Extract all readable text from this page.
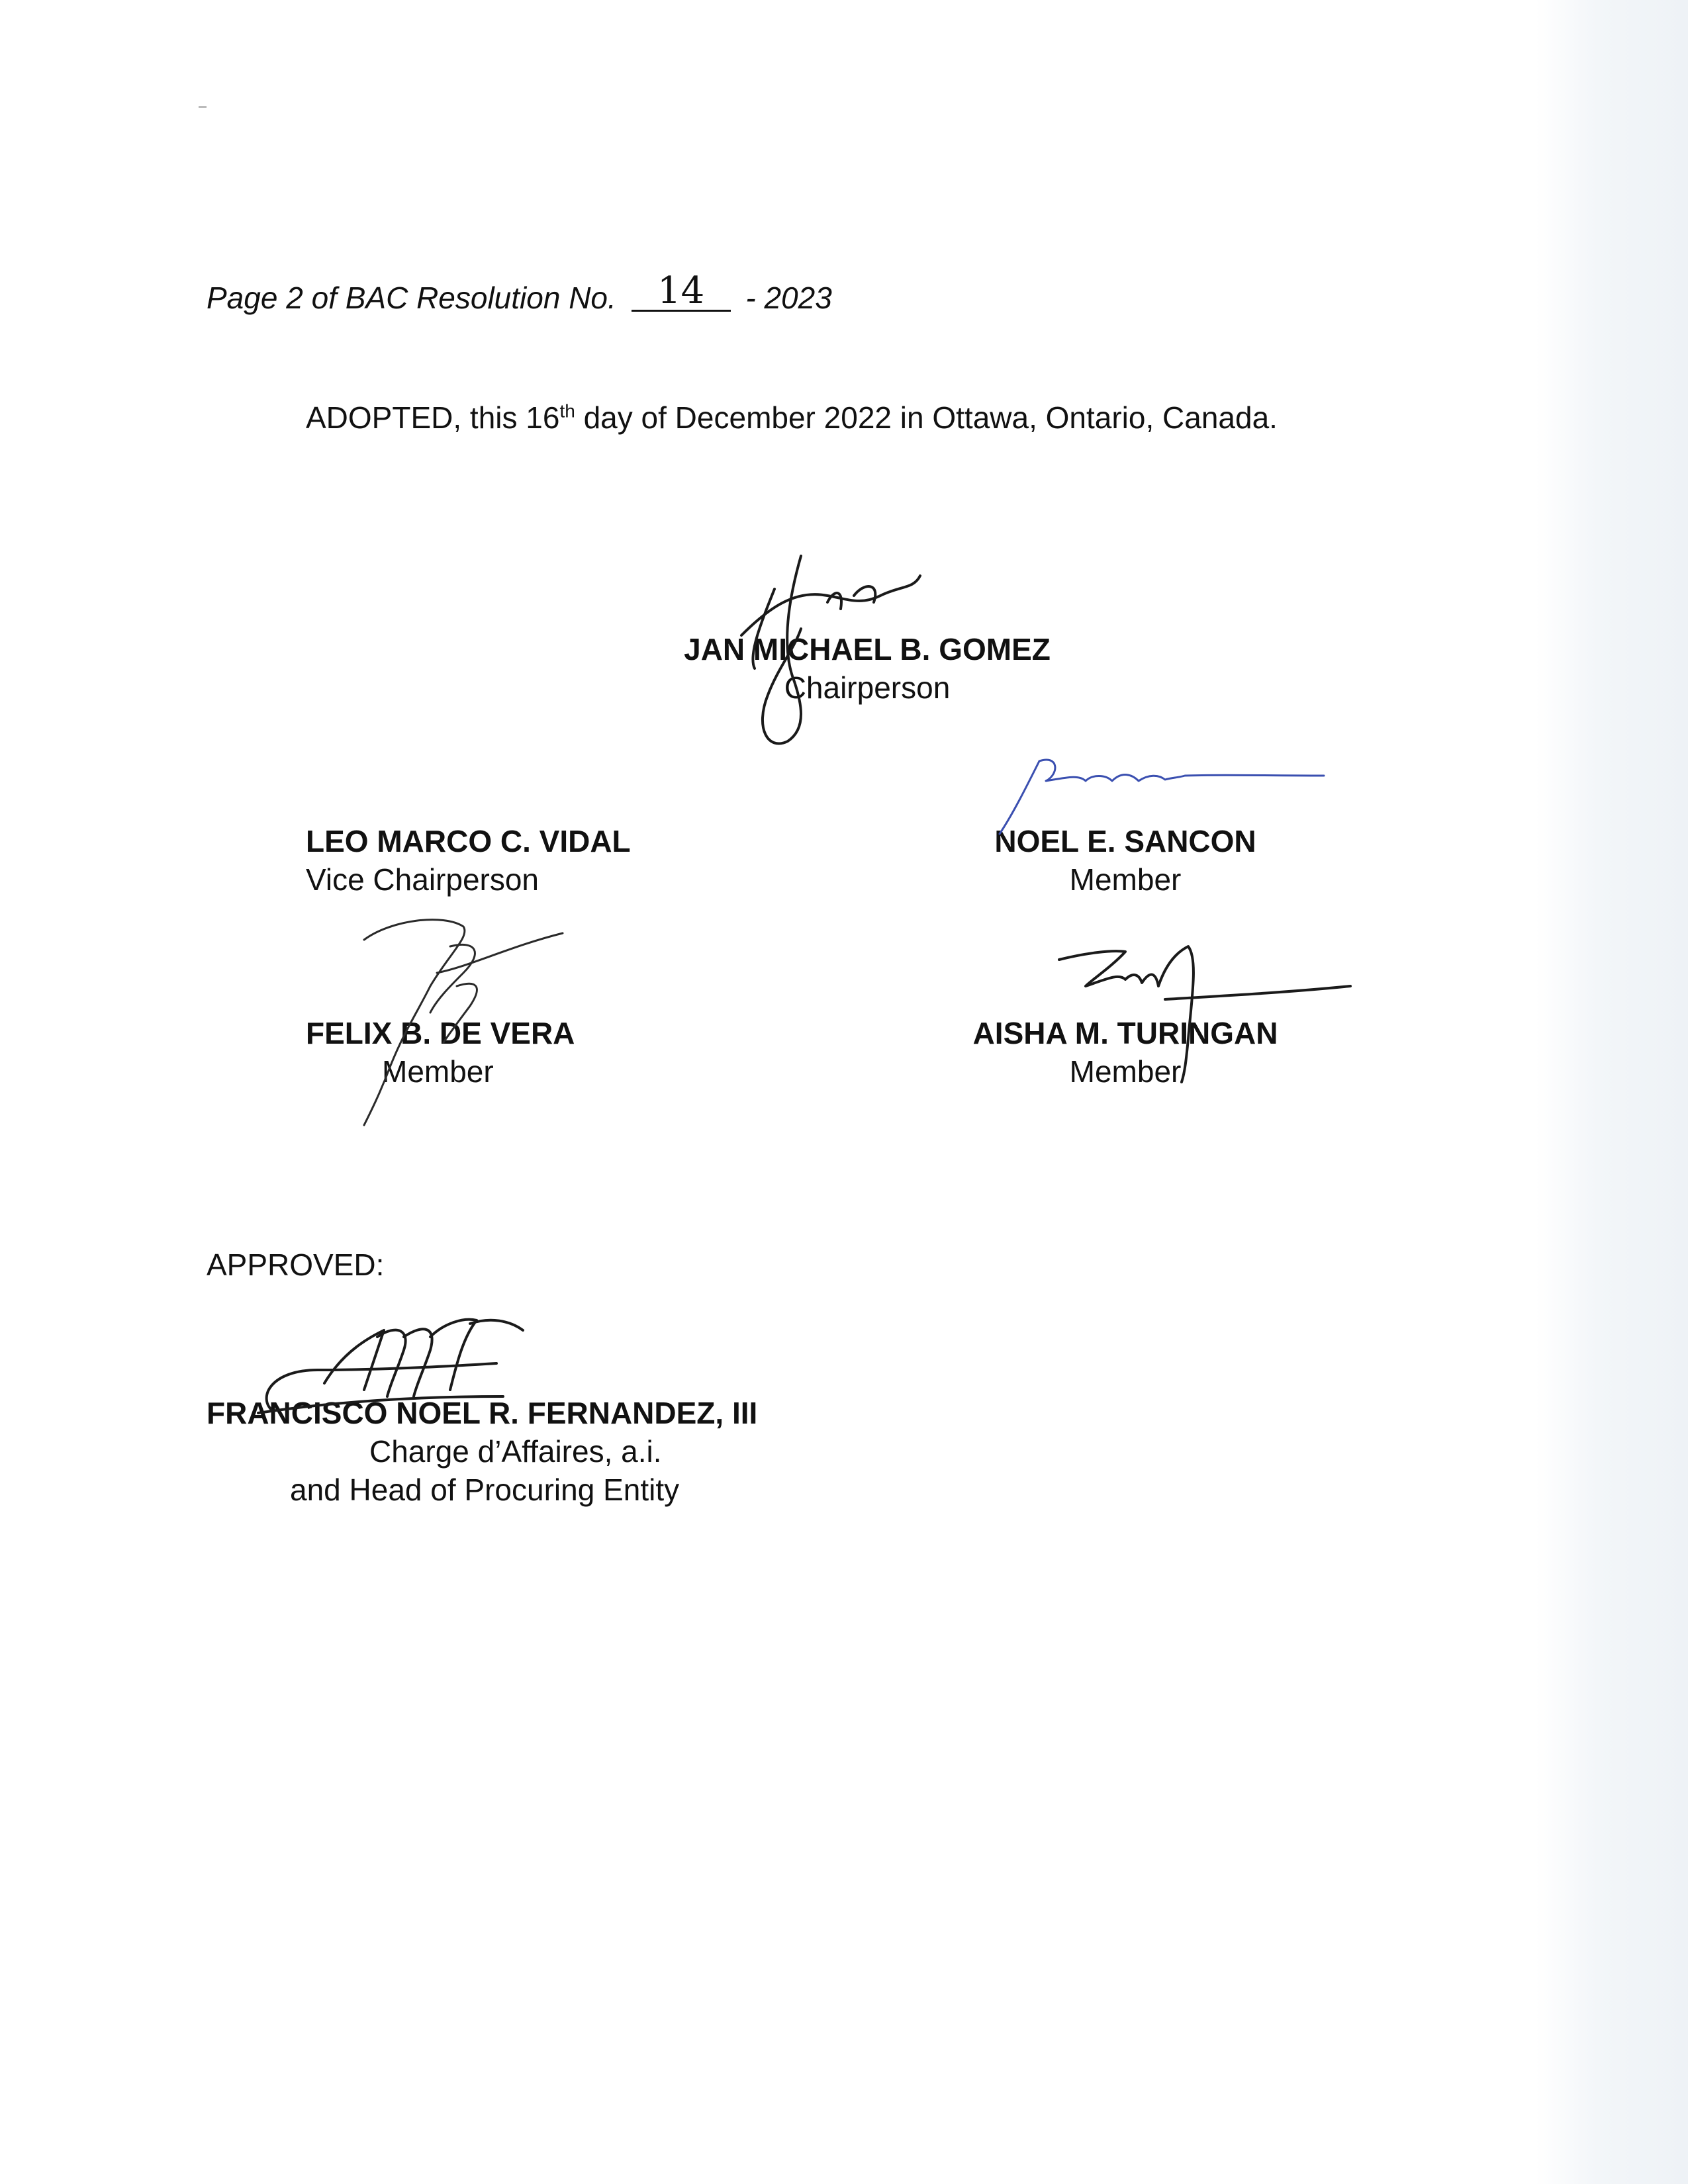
Page 2 of BAC Resolution No. 14 - 2023
ADOPTED, this 16th day of December 2022 in Ottawa, Ontario, Canada.
JAN MICHAEL B. GOMEZ
Chairperson
LEO MARCO C. VIDAL
Vice Chairperson
NOEL E. SANCON
Member
FELIX B. DE VERA
Member
AISHA M. TURINGAN
Member
APPROVED:
FRANCISCO NOEL R. FERNANDEZ, III
Charge d’Affaires, a.i.
and Head of Procuring Entity
